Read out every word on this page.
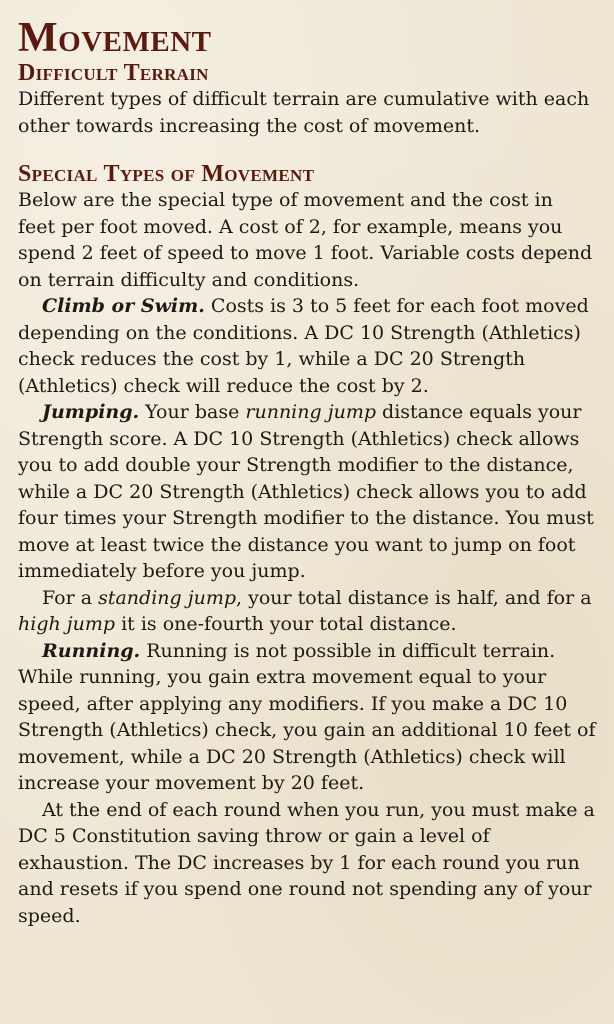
Movement
Difficult Terrain

Different types of difficult terrain are cumulative with each other towards increasing the cost of movement.

Special Types of Movement

Below are the special type of movement and the cost in feet per foot moved. A cost of 2, for example, means you spend 2 feet of speed to move 1 foot. Variable costs depend on terrain difficulty and conditions.

Climb or Swim. Costs is 3 to 5 feet for each foot moved depending on the conditions. A DC 10 Strength (Athletics) check reduces the cost by 1, while a DC 20 Strength (Athletics) check will reduce the cost by 2.

Jumping. Your base running jump distance equals your Strength score. A DC 10 Strength (Athletics) check allows you to add double your Strength modifier to the distance, while a DC 20 Strength (Athletics) check allows you to add four times your Strength modifier to the distance. You must move at least twice the distance you want to jump on foot immediately before you jump.

For a standing jump, your total distance is half, and for a high jump it is one-fourth your total distance.

Running. Running is not possible in difficult terrain. While running, you gain extra movement equal to your speed, after applying any modifiers. If you make a DC 10 Strength (Athletics) check, you gain an additional 10 feet of movement, while a DC 20 Strength (Athletics) check will increase your movement by 20 feet.

At the end of each round when you run, you must make a DC 5 Constitution saving throw or gain a level of exhaustion. The DC increases by 1 for each round you run and resets if you spend one round not spending any of your speed.
